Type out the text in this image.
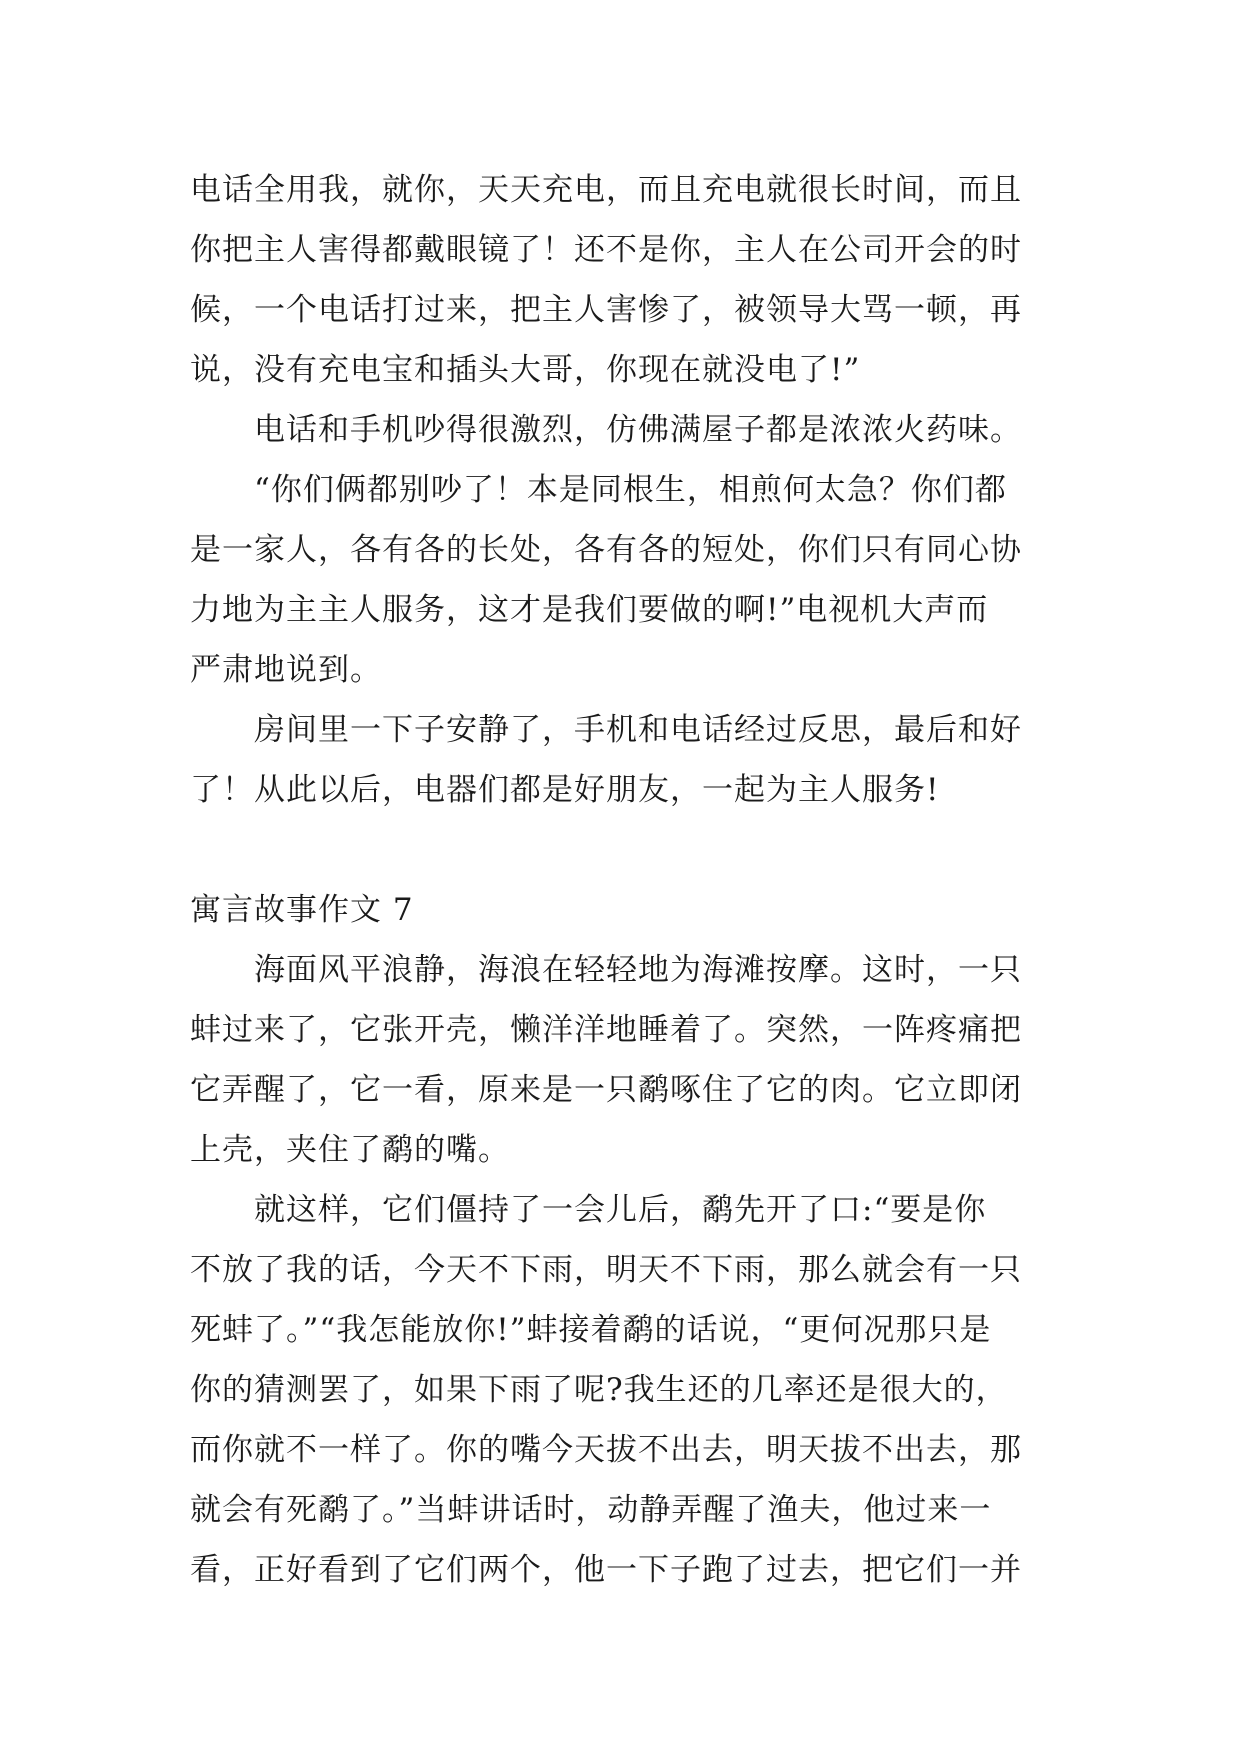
电话全用我，就你，天天充电，而且充电就很长时间，而且
你把主人害得都戴眼镜了！还不是你，主人在公司开会的时
候，一个电话打过来，把主人害惨了，被领导大骂一顿，再
说，没有充电宝和插头大哥，你现在就没电了!”
电话和手机吵得很激烈，仿佛满屋子都是浓浓火药味。
“你们俩都别吵了！本是同根生，相煎何太急？你们都
是一家人，各有各的长处，各有各的短处，你们只有同心协
力地为主主人服务，这才是我们要做的啊!”电视机大声而
严肃地说到。
房间里一下子安静了，手机和电话经过反思，最后和好
了！从此以后，电器们都是好朋友，一起为主人服务!
寓言故事作文 7
海面风平浪静，海浪在轻轻地为海滩按摩。这时，一只
蚌过来了，它张开壳，懒洋洋地睡着了。突然，一阵疼痛把
它弄醒了，它一看，原来是一只鹬啄住了它的肉。它立即闭
上壳，夹住了鹬的嘴。
就这样，它们僵持了一会儿后，鹬先开了口:“要是你
不放了我的话，今天不下雨，明天不下雨，那么就会有一只
死蚌了。”“我怎能放你!”蚌接着鹬的话说，“更何况那只是
你的猜测罢了，如果下雨了呢?我生还的几率还是很大的，
而你就不一样了。你的嘴今天拔不出去，明天拔不出去，那
就会有死鹬了。”当蚌讲话时，动静弄醒了渔夫，他过来一
看，正好看到了它们两个，他一下子跑了过去，把它们一并
